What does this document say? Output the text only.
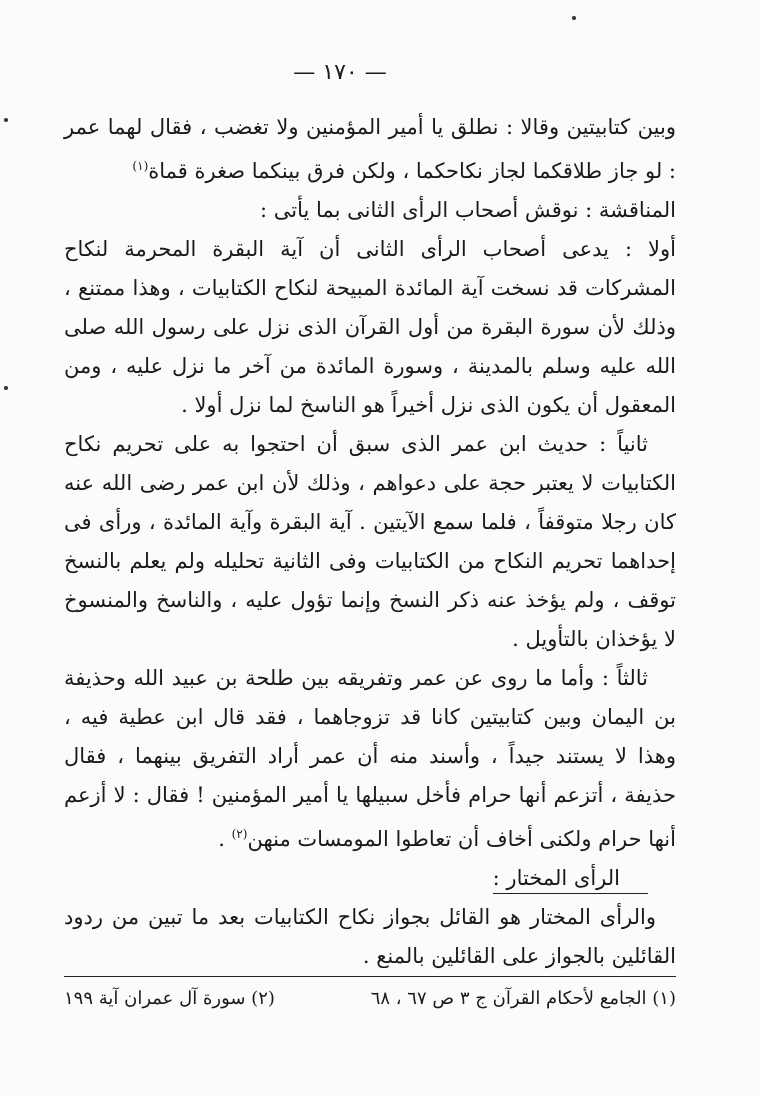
— ١٧٠ —

وبين كتابيتين وقالا : نطلق يا أمير المؤمنين ولا تغضب ، فقال لهما عمر : لو جاز طلاقكما لجاز نكاحكما ، ولكن فرق بينكما صغرة قماة$^{(١)}$

المناقشة : نوقش أصحاب الرأى الثانى بما يأتى :

أولا : يدعى أصحاب الرأى الثانى أن آية البقرة المحرمة لنكاح المشركات قد نسخت آية المائدة المبيحة لنكاح الكتابيات ، وهذا ممتنع ، وذلك لأن سورة البقرة من أول القرآن الذى نزل على رسول الله صلى الله عليه وسلم بالمدينة ، وسورة المائدة من آخر ما نزل عليه ، ومن المعقول أن يكون الذى نزل أخيراً هو الناسخ لما نزل أولا .

ثانياً : حديث ابن عمر الذى سبق أن احتجوا به على تحريم نكاح الكتابيات لا يعتبر حجة على دعواهم ، وذلك لأن ابن عمر رضى الله عنه كان رجلا متوقفاً ، فلما سمع الآيتين . آية البقرة وآية المائدة ، ورأى فى إحداهما تحريم النكاح من الكتابيات وفى الثانية تحليله ولم يعلم بالنسخ توقف ، ولم يؤخذ عنه ذكر النسخ وإنما تؤول عليه ، والناسخ والمنسوخ لا يؤخذان بالتأويل .

ثالثاً : وأما ما روى عن عمر وتفريقه بين طلحة بن عبيد الله وحذيفة بن اليمان وبين كتابيتين كانا قد تزوجاهما ، فقد قال ابن عطية فيه ، وهذا لا يستند جيداً ، وأسند منه أن عمر أراد التفريق بينهما ، فقال حذيفة ، أتزعم أنها حرام فأخل سبيلها يا أمير المؤمنين ! فقال : لا أزعم أنها حرام ولكنى أخاف أن تعاطوا المومسات منهن$^{(٢)}$ .

الرأى المختار :

والرأى المختار هو القائل بجواز نكاح الكتابيات بعد ما تبين من ردود القائلين بالجواز على القائلين بالمنع .

(١) الجامع لأحكام القرآن ج ٣ ص ٦٧ ، ٦٨
(٢) سورة آل عمران آية ١٩٩
